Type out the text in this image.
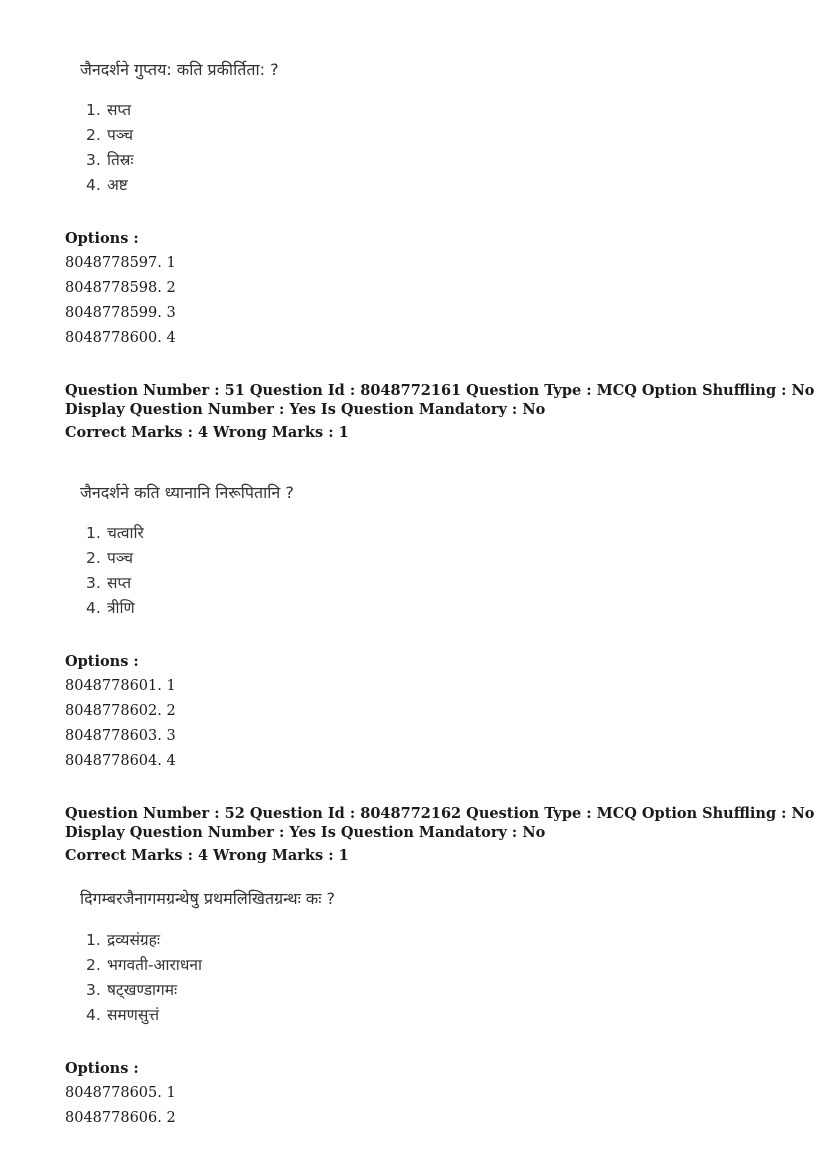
जैनदर्शने गुप्तय: कति प्रकीर्तिता: ?
1. सप्त
2. पञ्च
3. तिस्रः
4. अष्ट
Options :
8048778597. 1
8048778598. 2
8048778599. 3
8048778600. 4
Question Number : 51 Question Id : 8048772161 Question Type : MCQ Option Shuffling : No
Display Question Number : Yes Is Question Mandatory : No
Correct Marks : 4 Wrong Marks : 1
जैनदर्शने कति ध्यानानि निरूपितानि ?
1. चत्वारि
2. पञ्च
3. सप्त
4. त्रीणि
Options :
8048778601. 1
8048778602. 2
8048778603. 3
8048778604. 4
Question Number : 52 Question Id : 8048772162 Question Type : MCQ Option Shuffling : No
Display Question Number : Yes Is Question Mandatory : No
Correct Marks : 4 Wrong Marks : 1
दिगम्बरजैनागमग्रन्थेषु प्रथमलिखितग्रन्थः कः ?
1. द्रव्यसंग्रहः
2. भगवती-आराधना
3. षट्खण्डागमः
4. समणसुत्तं
Options :
8048778605. 1
8048778606. 2
